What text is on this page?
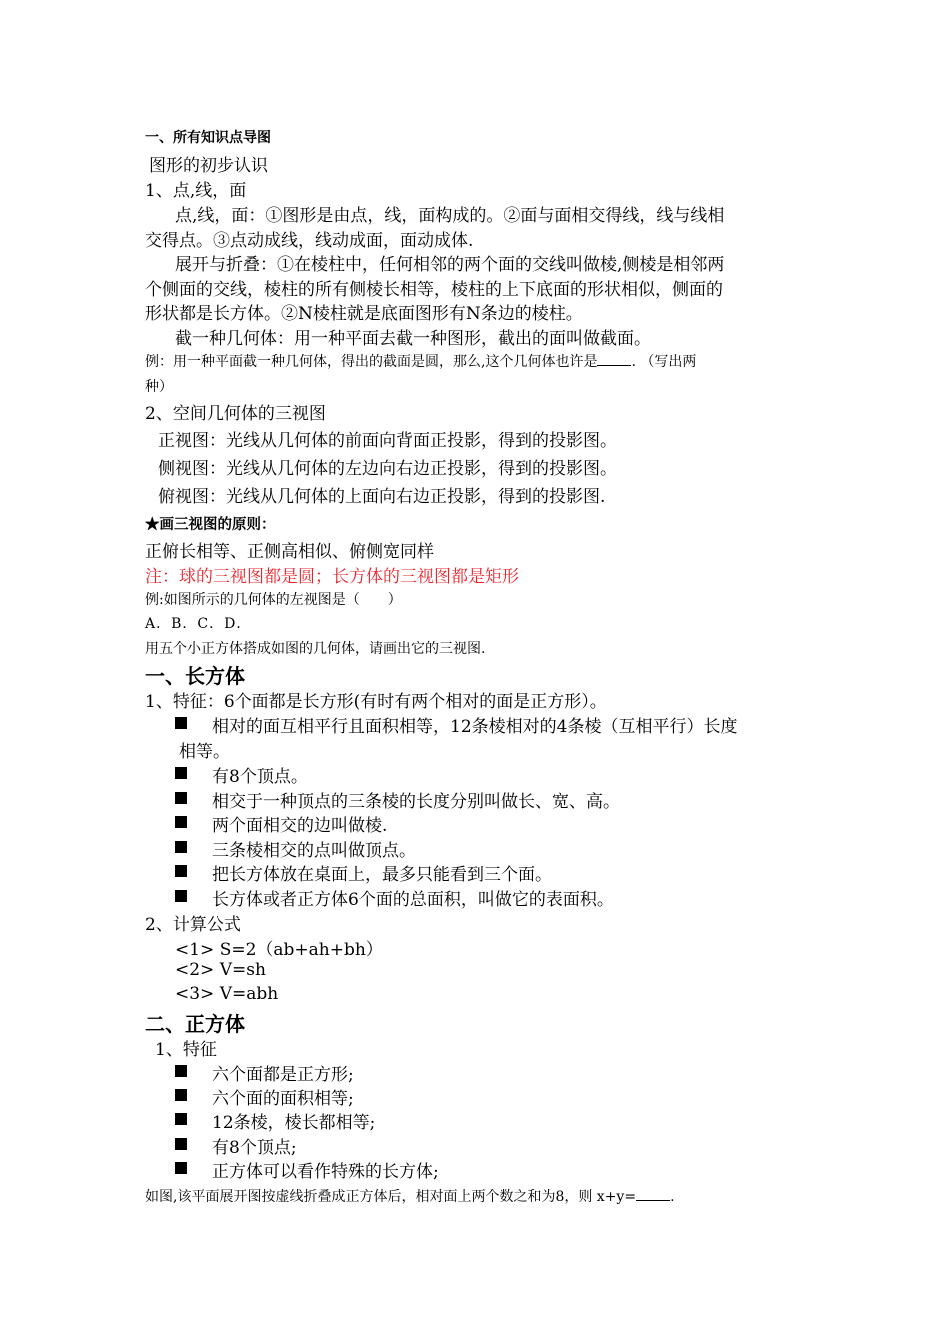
一、所有知识点导图
图形的初步认识
1、点,线，面
点,线，面：①图形是由点，线，面构成的。②面与面相交得线，线与线相
交得点。③点动成线，线动成面，面动成体.
展开与折叠：①在棱柱中，任何相邻的两个面的交线叫做棱,侧棱是相邻两
个侧面的交线，棱柱的所有侧棱长相等，棱柱的上下底面的形状相似，侧面的
形状都是长方体。②N棱柱就是底面图形有N条边的棱柱。
截一种几何体：用一种平面去截一种图形，截出的面叫做截面。
例：用一种平面截一种几何体，得出的截面是圆，那么,这个几何体也许是 . （写出两
种）
2、空间几何体的三视图
正视图：光线从几何体的前面向背面正投影，得到的投影图。
侧视图：光线从几何体的左边向右边正投影，得到的投影图。
俯视图：光线从几何体的上面向右边正投影，得到的投影图.
★画三视图的原则：
正俯长相等、正侧高相似、俯侧宽同样
注：球的三视图都是圆；长方体的三视图都是矩形
例:如图所示的几何体的左视图是（　　）
A．B．C．D．
用五个小正方体搭成如图的几何体，请画出它的三视图.
一、长方体
1、特征：6个面都是长方形(有时有两个相对的面是正方形）。
相对的面互相平行且面积相等，12条棱相对的4条棱（互相平行）长度
相等。
有8个顶点。
相交于一种顶点的三条棱的长度分别叫做长、宽、高。
两个面相交的边叫做棱.
三条棱相交的点叫做顶点。
把长方体放在桌面上，最多只能看到三个面。
长方体或者正方体6个面的总面积，叫做它的表面积。
2、计算公式
<1> S=2（ab+ah+bh）
<2> V=sh
<3> V=abh
二、正方体
1、特征
六个面都是正方形;
六个面的面积相等;
12条棱，棱长都相等;
有8个顶点;
正方体可以看作特殊的长方体;
如图,该平面展开图按虚线折叠成正方体后，相对面上两个数之和为8，则 x+y= .
